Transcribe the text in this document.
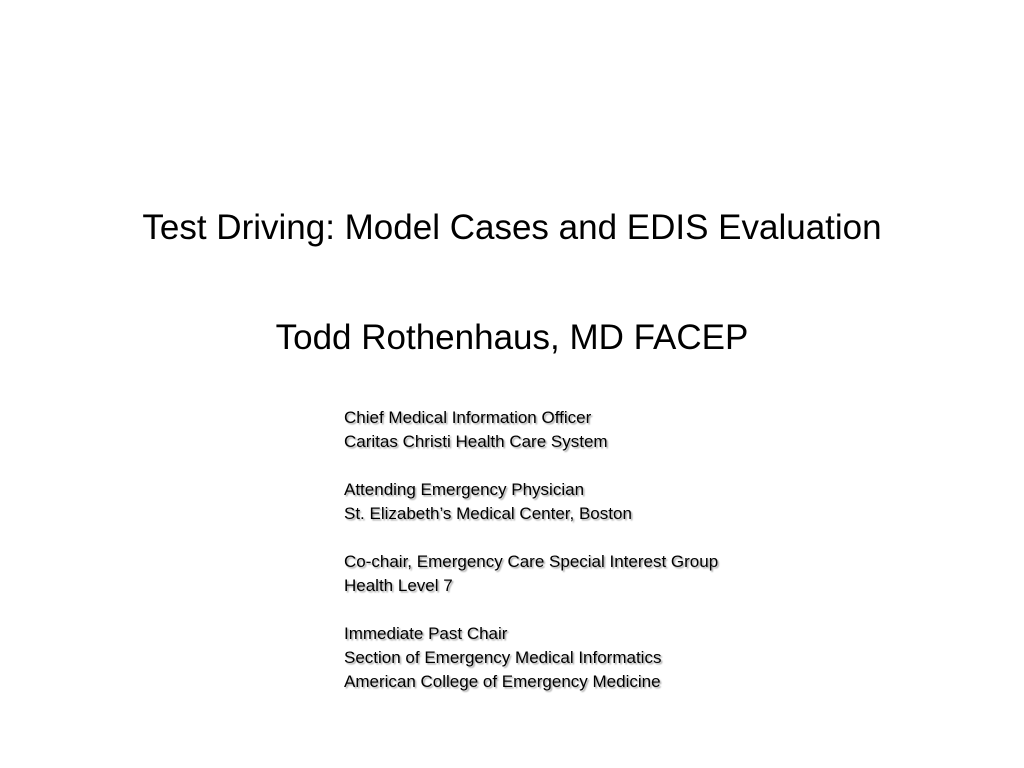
Test Driving: Model Cases and EDIS Evaluation
Todd Rothenhaus, MD FACEP
Chief Medical Information Officer
Caritas Christi Health Care System
Attending Emergency Physician
St. Elizabeth’s Medical Center, Boston
Co-chair, Emergency Care Special Interest Group
Health Level 7
Immediate Past Chair
Section of Emergency Medical Informatics
American College of Emergency Medicine
